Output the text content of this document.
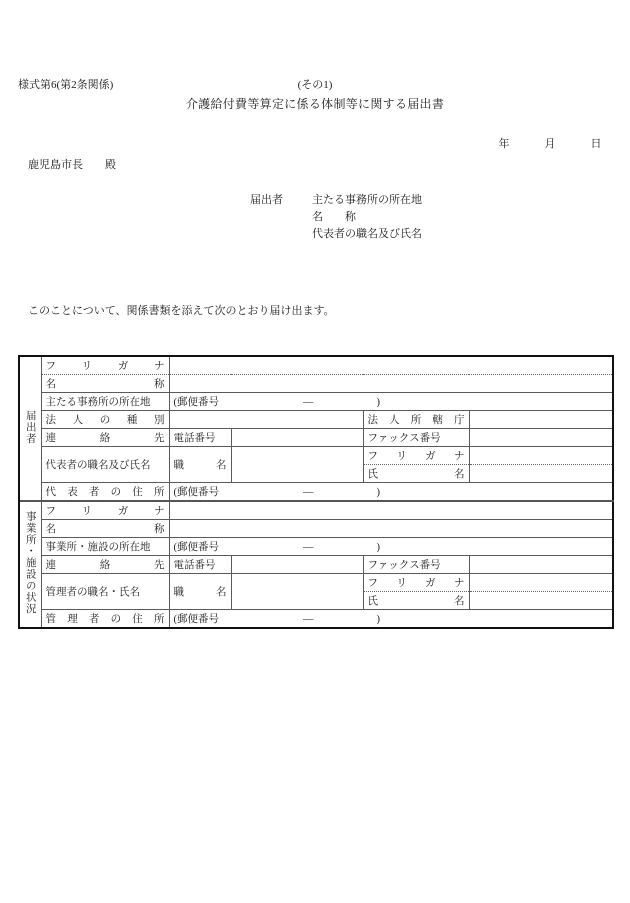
様式第6(第2条関係)	(その1)
介護給付費等算定に係る体制等に関する届出書
年　　　月　　　日
鹿児島市長　　殿
届出者	主たる事務所の所在地
名　　称
代表者の職名及び氏名
このことについて、関係書類を添えて次のとおり届け出ます。
届出者	フ リ ガ ナ				

	名 称				

	主たる事務所の所在地	(郵便番号　　　　　　　　―　　　　　　)			

	法 人 の 種 別			法 人 所 轄 庁	

	連 絡 先	電話番号		ファックス番号	
	代表者の職名及び氏名	職 名		フ リ ガ ナ	

				氏 名	

代 表 者 の 住 所	(郵便番号　　　　　　　　―　　　　　　)
事業所・施設の状況	フ リ ガ ナ				

	名 称				

	事業所・施設の所在地	(郵便番号　　　　　　　　―　　　　　　)			

	連 絡 先	電話番号		ファックス番号	
	管理者の職名・氏名	職 名		フ リ ガ ナ	

				氏 名	

管 理 者 の 住 所	(郵便番号　　　　　　　　―　　　　　　)
